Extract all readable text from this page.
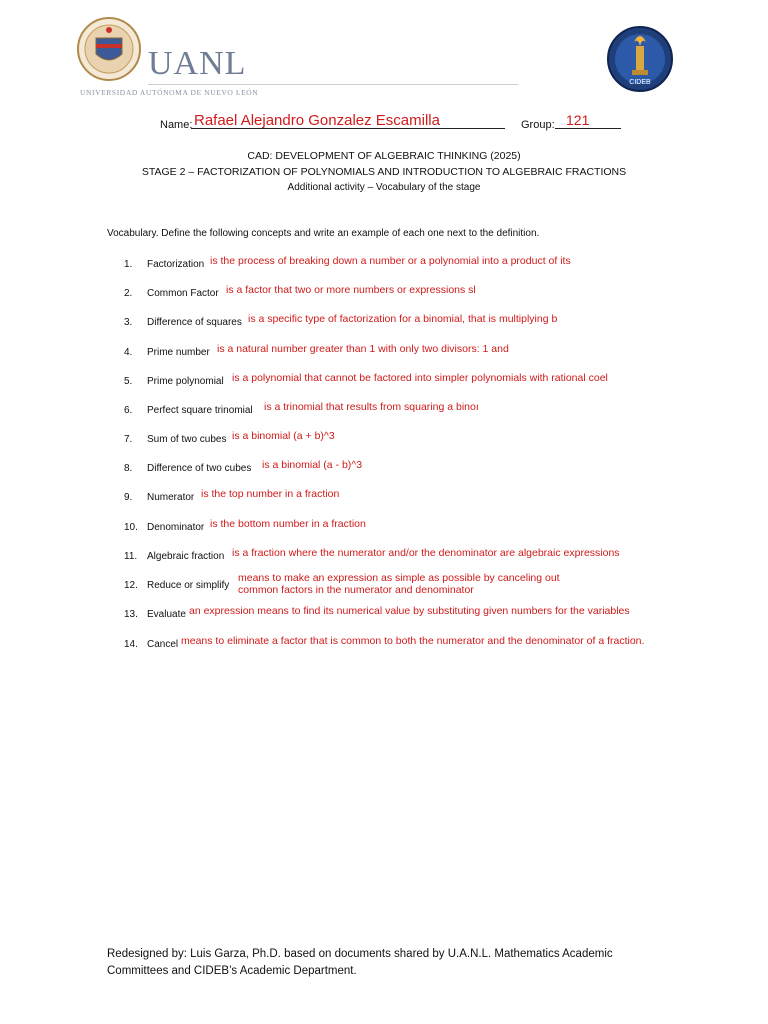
UANL
UNIVERSIDAD AUTÓNOMA DE NUEVO LEÓN
CIDEB
Name: Rafael Alejandro Gonzalez Escamilla	Group: 121
CAD: DEVELOPMENT OF ALGEBRAIC THINKING (2025)
STAGE 2 – FACTORIZATION OF POLYNOMIALS AND INTRODUCTION TO ALGEBRAIC FRACTIONS
Additional activity – Vocabulary of the stage
Vocabulary. Define the following concepts and write an example of each one next to the definition.
1. Factorization is the process of breaking down a number or a polynomial into a product of its
2. Common Factor is a factor that two or more numbers or expressions sl
3. Difference of squares is a specific type of factorization for a binomial, that is multiplying b
4. Prime number is a natural number greater than 1 with only two divisors: 1 and
5. Prime polynomial is a polynomial that cannot be factored into simpler polynomials with rational coel
6. Perfect square trinomial is a trinomial that results from squaring a binoı
7. Sum of two cubes is a binomial (a + b)^3
8. Difference of two cubes is a binomial (a - b)^3
9. Numerator is the top number in a fraction
10. Denominator is the bottom number in a fraction
11. Algebraic fraction is a fraction where the numerator and/or the denominator are algebraic expressions
12. Reduce or simplify
means to make an expression as simple as possible by canceling out
common factors in the numerator and denominator
13. Evaluate an expression means to find its numerical value by substituting given numbers for the variables
14. Cancel means to eliminate a factor that is common to both the numerator and the denominator of a fraction.
Redesigned by: Luis Garza, Ph.D. based on documents shared by U.A.N.L. Mathematics Academic
Committees and CIDEB’s Academic Department.
